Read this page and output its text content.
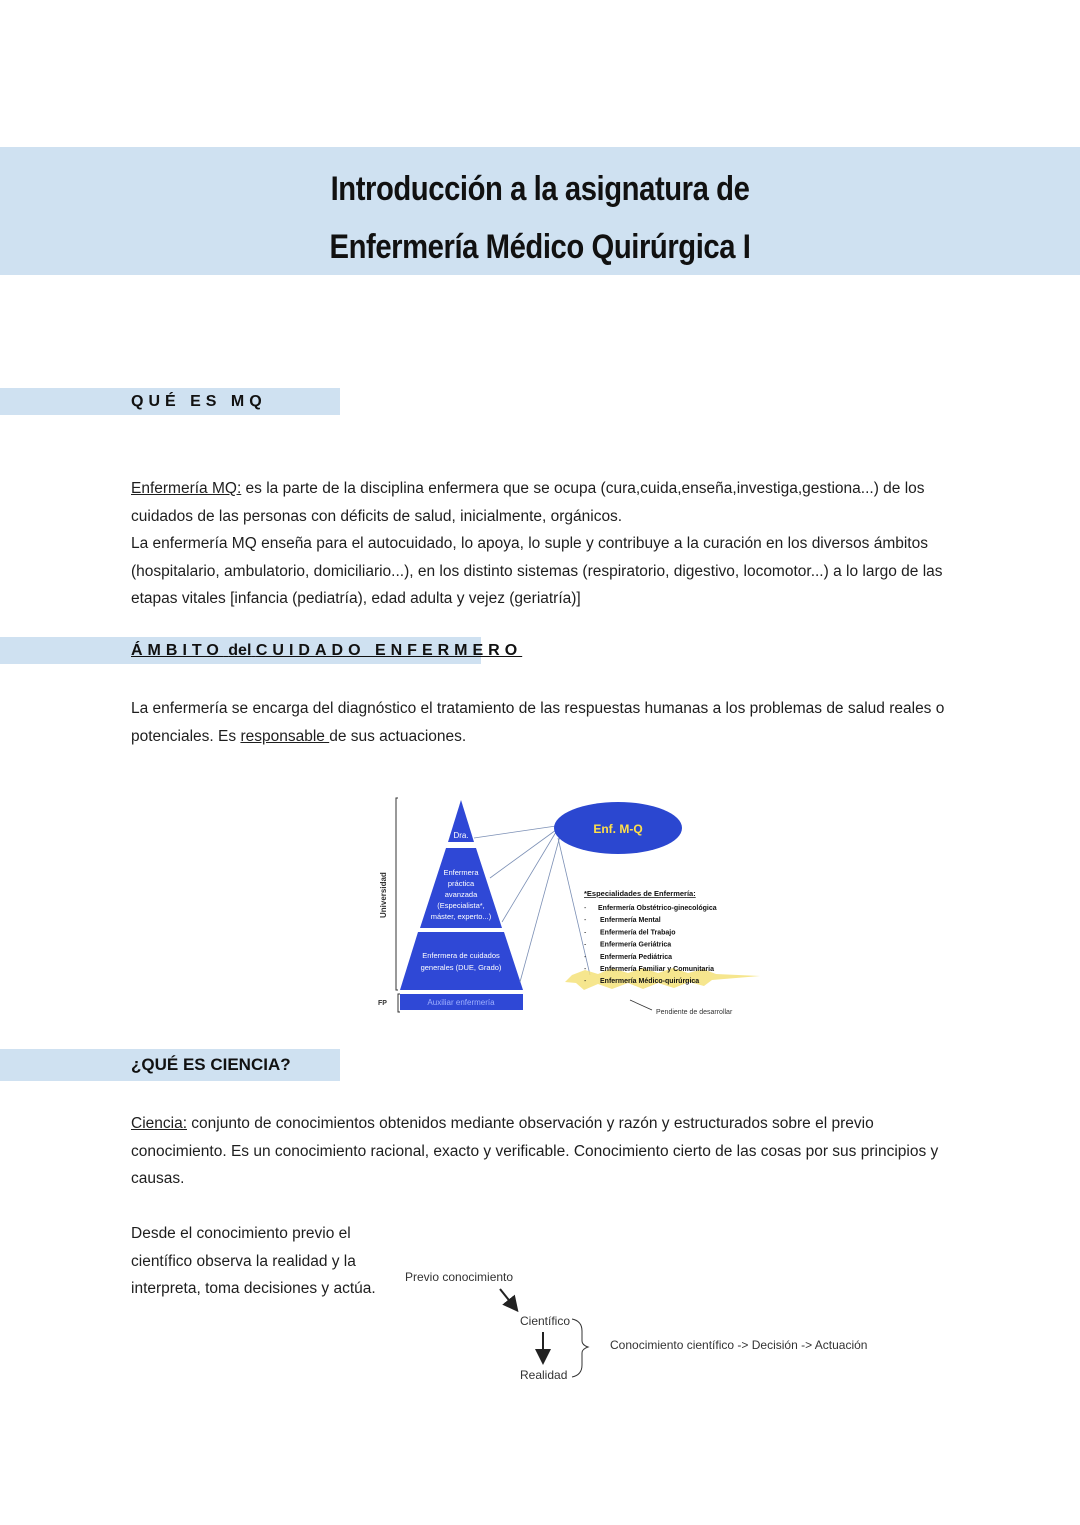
Introducción a la asignatura de
Enfermería Médico Quirúrgica I
QUÉ ES MQ

Enfermería MQ: es la parte de la disciplina enfermera que se ocupa (cura,cuida,enseña,investiga,gestiona...) de los cuidados de las personas con déficits de salud, inicialmente, orgánicos.

La enfermería MQ enseña para el autocuidado, lo apoya, lo suple y contribuye a la curación en los diversos ámbitos (hospitalario, ambulatorio, domiciliario...), en los distinto sistemas (respiratorio, digestivo, locomotor...) a lo largo de las etapas vitales [infancia (pediatría), edad adulta y vejez (geriatría)]

ÁMBITO del CUIDADO ENFERMERO

La enfermería se encarga del diagnóstico el tratamiento de las respuestas humanas a los problemas de salud reales o potenciales. Es responsable de sus actuaciones.

Universidad
FP
Dra.
Enfermera
práctica
avanzada
(Especialista*,
máster, experto...)
Enfermera de cuidados
generales (DUE, Grado)
Auxiliar enfermería
Enf. M-Q
*Especialidades de Enfermería:
- Enfermería Obstétrico-ginecológica
- Enfermería Mental
- Enfermería del Trabajo
- Enfermería Geriátrica
- Enfermería Pediátrica
- Enfermería Familiar y Comunitaria
- Enfermería Médico-quirúrgica
Pendiente de desarrollar
¿QUÉ ES CIENCIA?

Ciencia: conjunto de conocimientos obtenidos mediante observación y razón y estructurados sobre el previo conocimiento. Es un conocimiento racional, exacto y verificable. Conocimiento cierto de las cosas por sus principios y causas.

Desde el conocimiento previo el

científico observa la realidad y la

interpreta, toma decisiones y actúa.

Previo conocimiento
Científico
Realidad
Conocimiento científico -> Decisión -> Actuación
